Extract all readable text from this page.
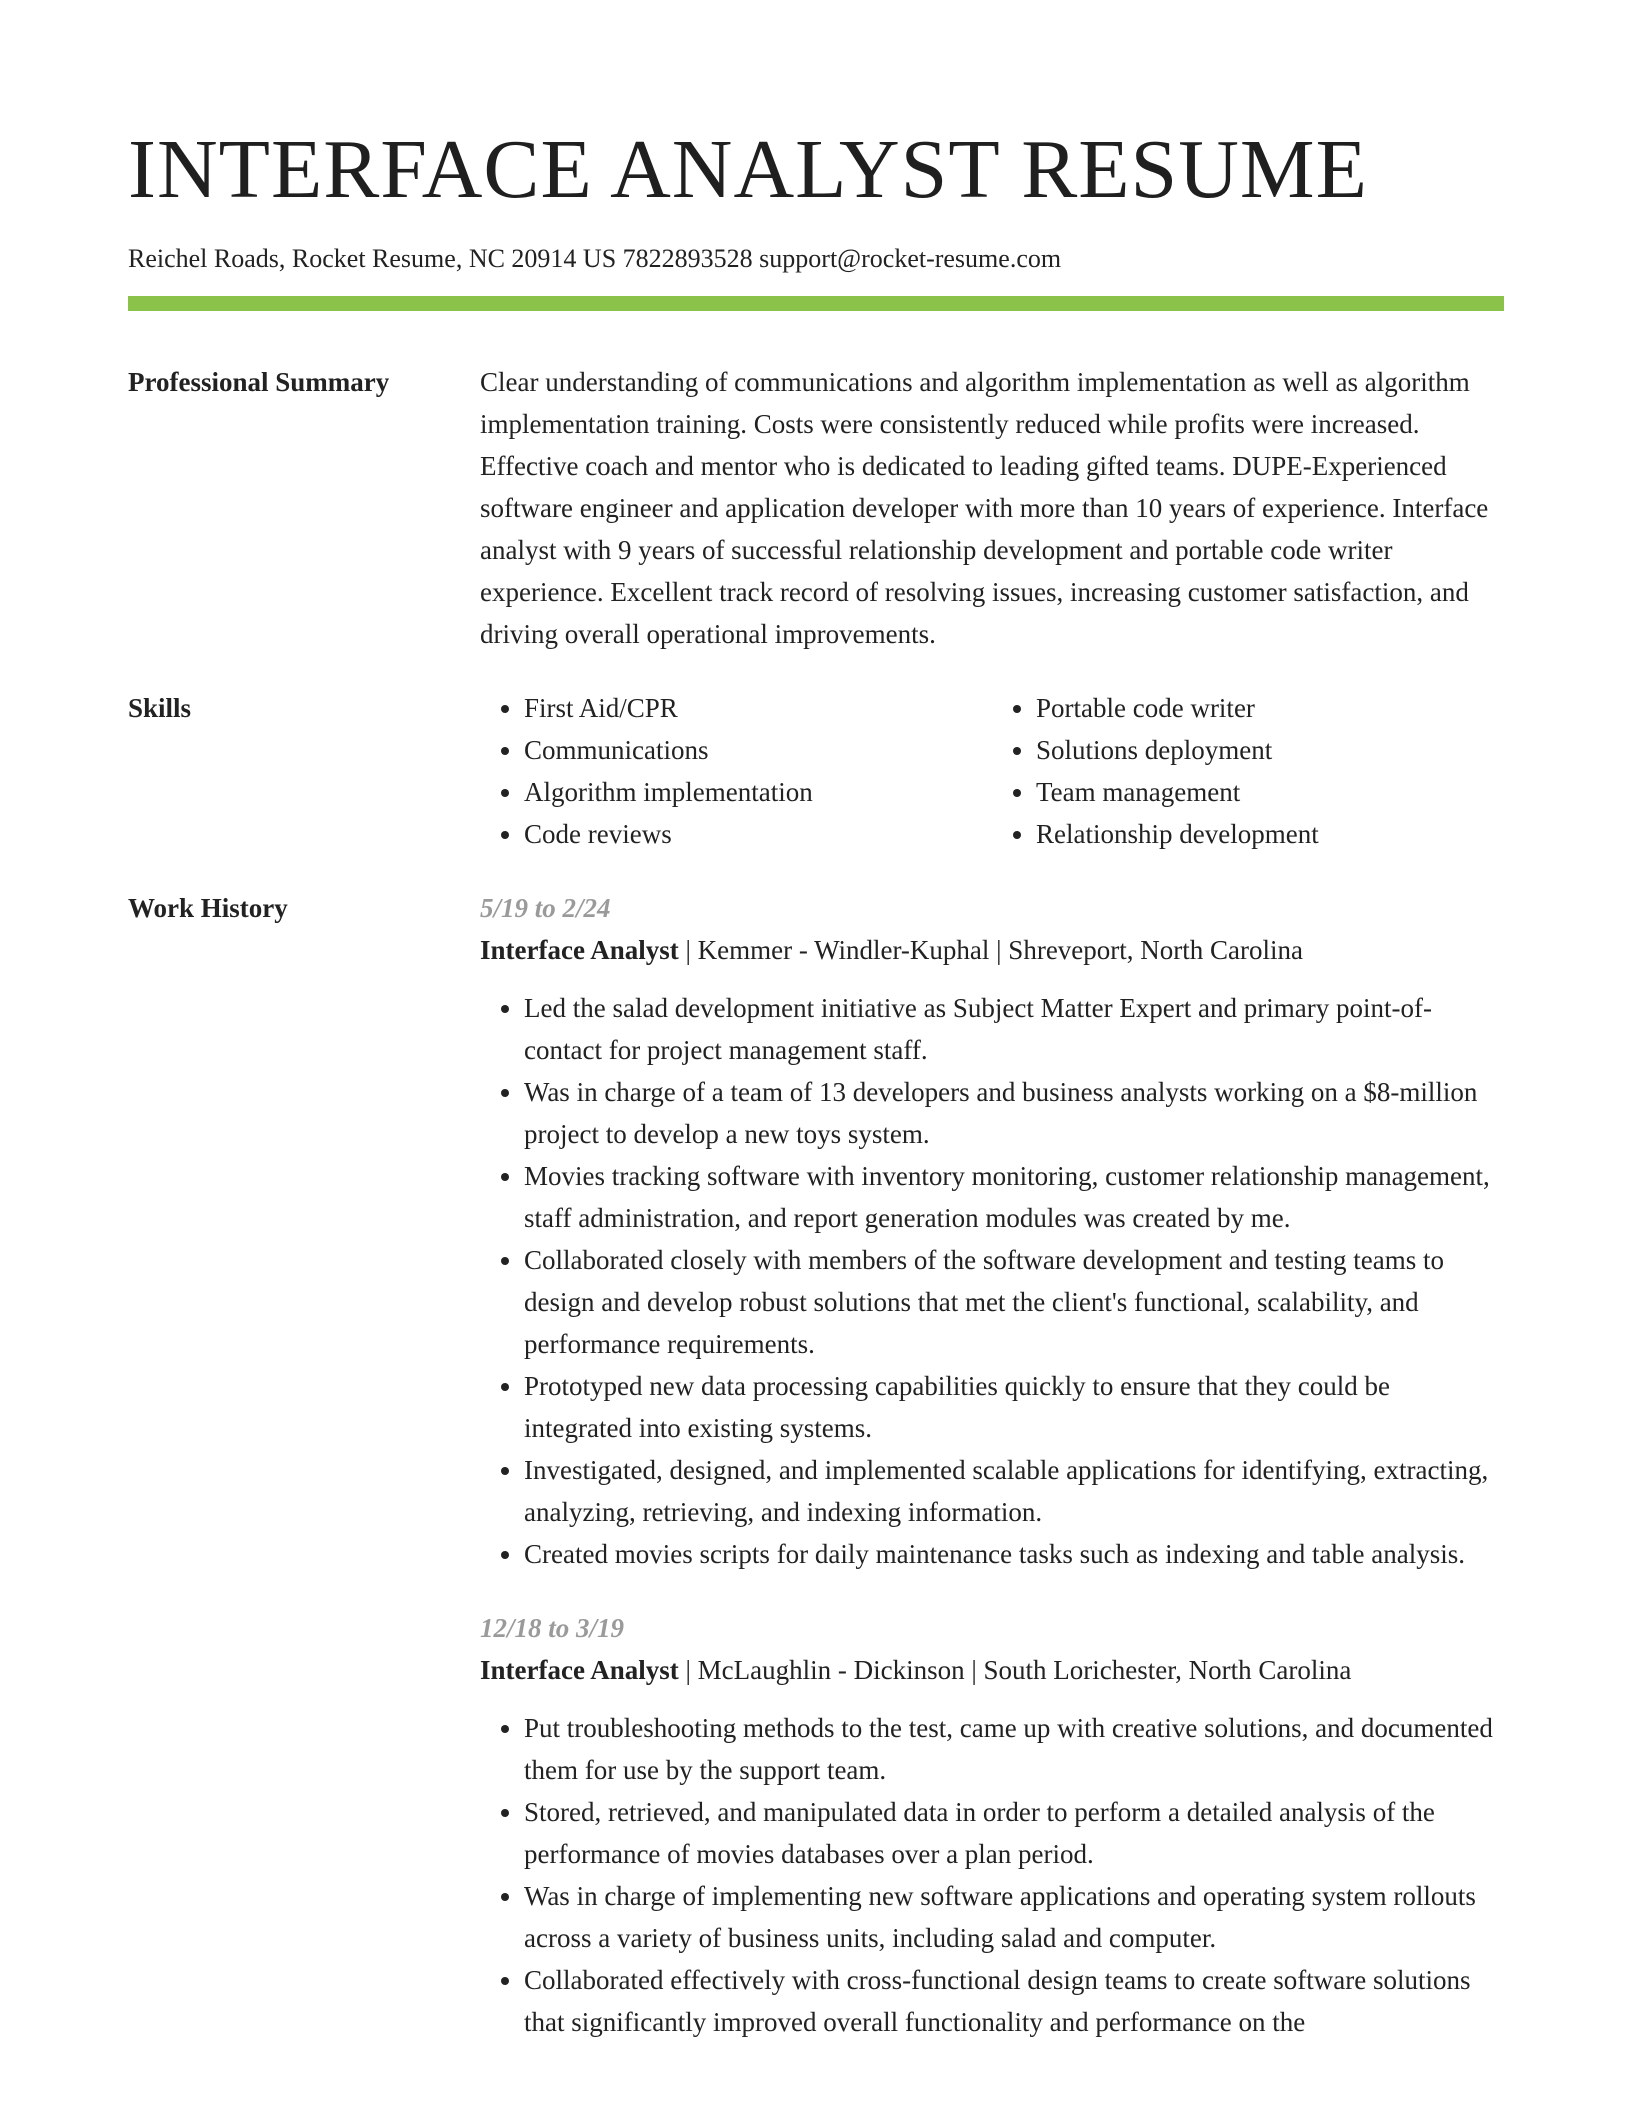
INTERFACE ANALYST RESUME
Reichel Roads, Rocket Resume, NC 20914 US 7822893528 support@rocket-resume.com
Professional Summary	Clear understanding of communications and algorithm implementation as well as algorithm implementation training. Costs were consistently reduced while profits were increased. Effective coach and mentor who is dedicated to leading gifted teams. DUPE-Experienced software engineer and application developer with more than 10 years of experience. Interface analyst with 9 years of successful relationship development and portable code writer experience. Excellent track record of resolving issues, increasing customer satisfaction, and driving overall operational improvements.
Skills
•	First Aid/CPR
• Communications
• Algorithm implementation
• Code reviews
• Portable code writer
• Solutions deployment
• Team management
• Relationship development
Work History	5/19 to 2/24
Interface Analyst | Kemmer - Windler-Kuphal | Shreveport, North Carolina
• Led the salad development initiative as Subject Matter Expert and primary point-of-contact for project management staff.
• Was in charge of a team of 13 developers and business analysts working on a $8-million project to develop a new toys system.
• Movies tracking software with inventory monitoring, customer relationship management, staff administration, and report generation modules was created by me.
• Collaborated closely with members of the software development and testing teams to design and develop robust solutions that met the client's functional, scalability, and performance requirements.
• Prototyped new data processing capabilities quickly to ensure that they could be integrated into existing systems.
• Investigated, designed, and implemented scalable applications for identifying, extracting, analyzing, retrieving, and indexing information.
• Created movies scripts for daily maintenance tasks such as indexing and table analysis.
12/18 to 3/19
Interface Analyst | McLaughlin - Dickinson | South Lorichester, North Carolina
• Put troubleshooting methods to the test, came up with creative solutions, and documented them for use by the support team.
• Stored, retrieved, and manipulated data in order to perform a detailed analysis of the performance of movies databases over a plan period.
• Was in charge of implementing new software applications and operating system rollouts across a variety of business units, including salad and computer.
• Collaborated effectively with cross-functional design teams to create software solutions that significantly improved overall functionality and performance on the
